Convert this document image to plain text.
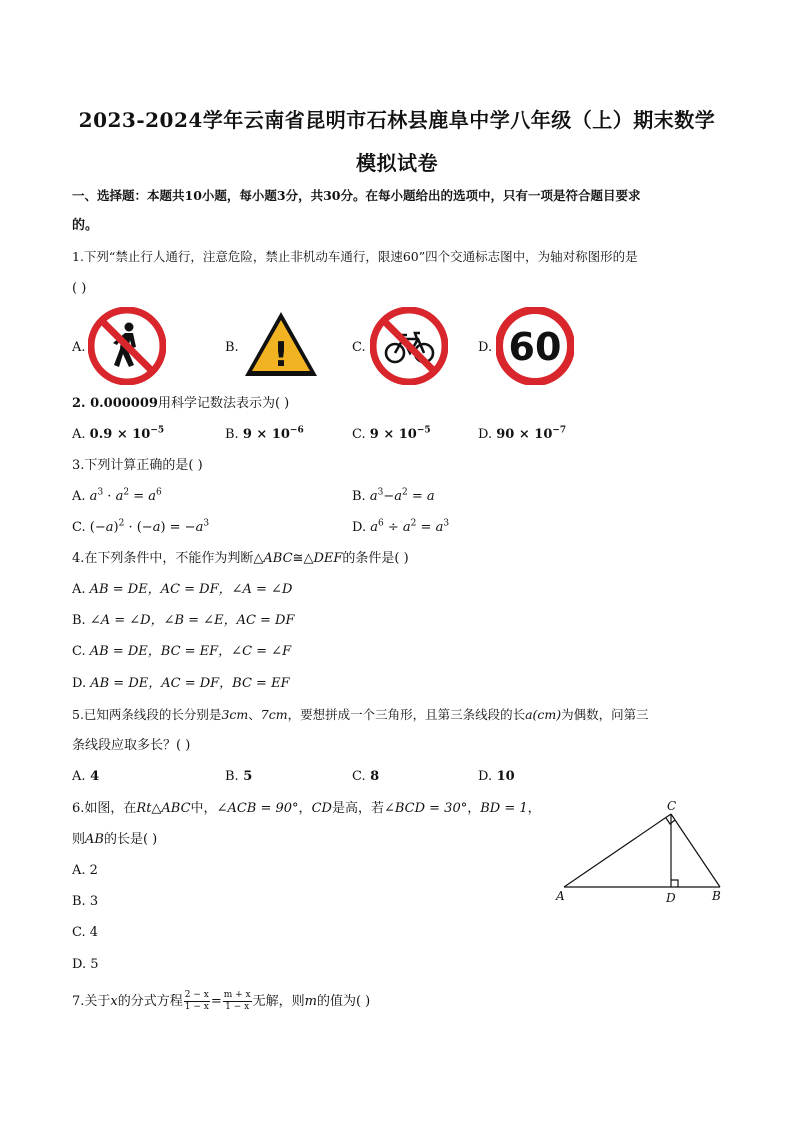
2023-2024学年云南省昆明市石林县鹿阜中学八年级（上）期末数学
模拟试卷
一、选择题：本题共10小题，每小题3分，共30分。在每小题给出的选项中，只有一项是符合题目要求
的。
1.下列“禁止行人通行，注意危险，禁止非机动车通行，限速60”四个交通标志图中，为轴对称图形的是
( )
A.	B. !	C.	D. 60
2. 0.000009用科学记数法表示为( )
A. $0.9 \times 10^{-5}$	B. $9 \times 10^{-6}$	C. $9 \times 10^{-5}$	D. $90 \times 10^{-7}$
3.下列计算正确的是( )
A. $a^3 \cdot a^2 = a^6$	B. $a^3-a^2 = a$
C. $(-a)^2 \cdot (-a) = -a^3$	D. $a^6 \div a^2 = a^3$
4.在下列条件中，不能作为判断△ABC≅△DEF的条件是( )
A. AB = DE，AC = DF，∠A = ∠D
B. ∠A = ∠D，∠B = ∠E，AC = DF
C. AB = DE，BC = EF，∠C = ∠F
D. AB = DE，AC = DF，BC = EF
5.已知两条线段的长分别是3cm、7cm，要想拼成一个三角形，且第三条线段的长a(cm)为偶数，问第三
条线段应取多长？( )
A. 4	B. 5	C. 8	D. 10
6.如图，在Rt△ABC中，∠ACB = 90°，CD是高，若∠BCD = 30°，BD = 1，
则AB的长是( )
A. 2
B. 3
C. 4
D. 5
A	B
C
D
7.关于x的分式方程 $\frac{2 - x}{1 - x} = \frac{m + x}{1 - x}$ 无解，则m的值为( )
